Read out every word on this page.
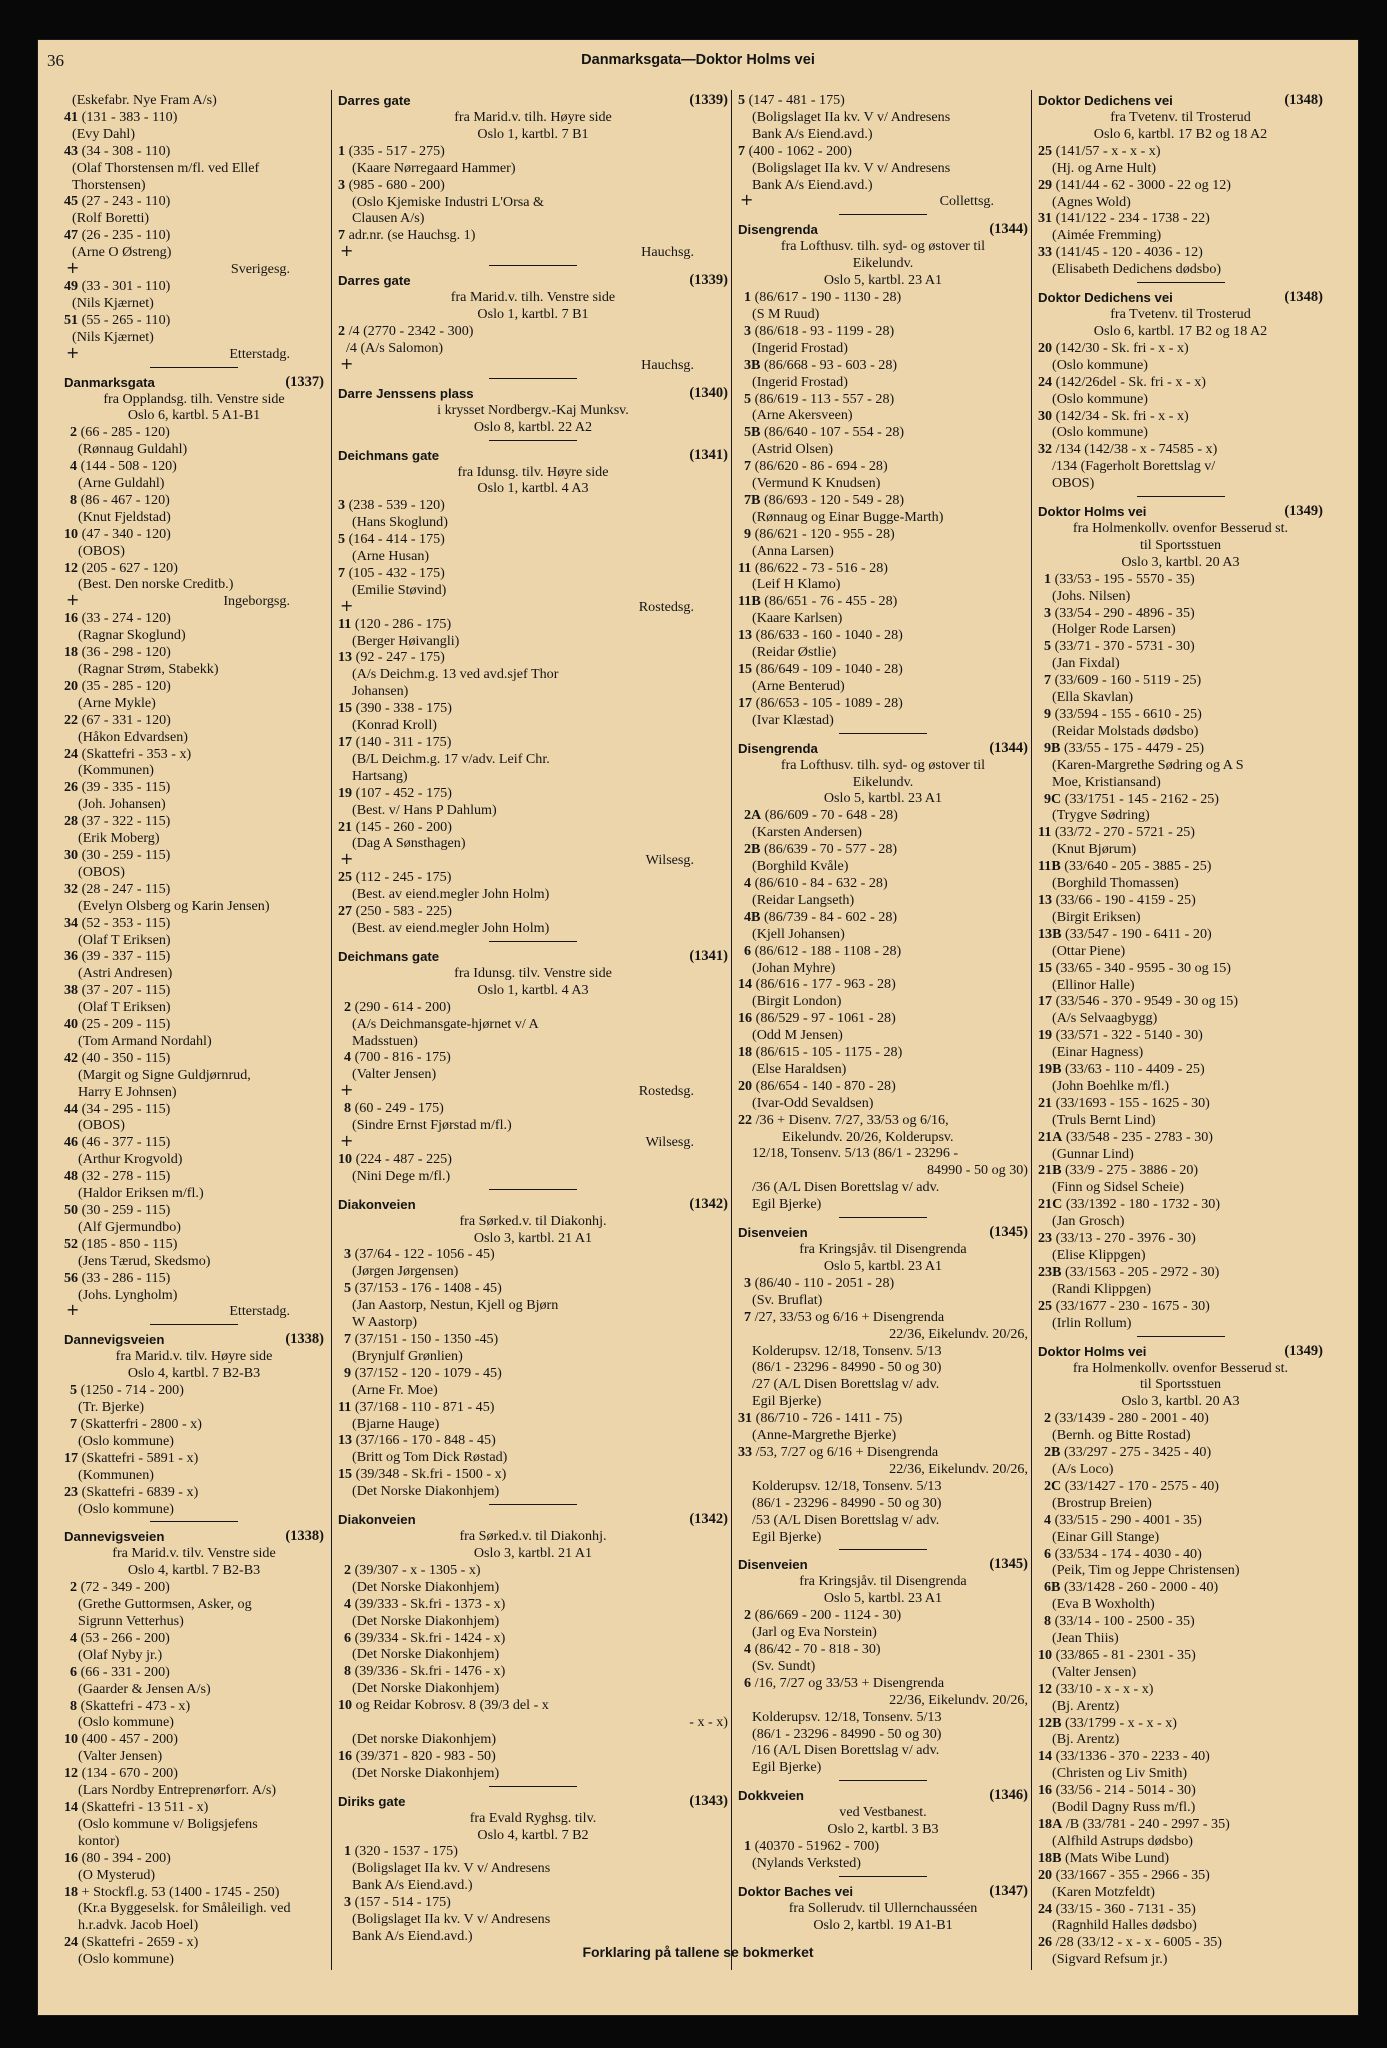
36	Danmarksgata—Doktor Holms vei
(Eskefabr. Nye Fram A/s)
41 (131 - 383 - 110)
(Evy Dahl)
43 (34 - 308 - 110)
(Olaf Thorstensen m/fl. ved Ellef
Thorstensen)
45 (27 - 243 - 110)
(Rolf Boretti)
47 (26 - 235 - 110)
(Arne O Østreng)
+	Sverigesg.
49 (33 - 301 - 110)
(Nils Kjærnet)
51 (55 - 265 - 110)
(Nils Kjærnet)
+	Etterstadg.
Danmarksgata	(1337)
fra Opplandsg. tilh. Venstre side
Oslo 6, kartbl. 5 A1-B1
2 (66 - 285 - 120)
(Rønnaug Guldahl)
4 (144 - 508 - 120)
(Arne Guldahl)
8 (86 - 467 - 120)
(Knut Fjeldstad)
10 (47 - 340 - 120)
(OBOS)
12 (205 - 627 - 120)
(Best. Den norske Creditb.)
+	Ingeborgsg.
16 (33 - 274 - 120)
(Ragnar Skoglund)
18 (36 - 298 - 120)
(Ragnar Strøm, Stabekk)
20 (35 - 285 - 120)
(Arne Mykle)
22 (67 - 331 - 120)
(Håkon Edvardsen)
24 (Skattefri - 353 - x)
(Kommunen)
26 (39 - 335 - 115)
(Joh. Johansen)
28 (37 - 322 - 115)
(Erik Moberg)
30 (30 - 259 - 115)
(OBOS)
32 (28 - 247 - 115)
(Evelyn Olsberg og Karin Jensen)
34 (52 - 353 - 115)
(Olaf T Eriksen)
36 (39 - 337 - 115)
(Astri Andresen)
38 (37 - 207 - 115)
(Olaf T Eriksen)
40 (25 - 209 - 115)
(Tom Armand Nordahl)
42 (40 - 350 - 115)
(Margit og Signe Guldjørnrud,
Harry E Johnsen)
44 (34 - 295 - 115)
(OBOS)
46 (46 - 377 - 115)
(Arthur Krogvold)
48 (32 - 278 - 115)
(Haldor Eriksen m/fl.)
50 (30 - 259 - 115)
(Alf Gjermundbo)
52 (185 - 850 - 115)
(Jens Tærud, Skedsmo)
56 (33 - 286 - 115)
(Johs. Lyngholm)
+	Etterstadg.
Dannevigsveien	(1338)
fra Marid.v. tilv. Høyre side
Oslo 4, kartbl. 7 B2-B3
5 (1250 - 714 - 200)
(Tr. Bjerke)
7 (Skatterfri - 2800 - x)
(Oslo kommune)
17 (Skattefri - 5891 - x)
(Kommunen)
23 (Skattefri - 6839 - x)
(Oslo kommune)
Dannevigsveien	(1338)
fra Marid.v. tilv. Venstre side
Oslo 4, kartbl. 7 B2-B3
2 (72 - 349 - 200)
(Grethe Guttormsen, Asker, og
Sigrunn Vetterhus)
4 (53 - 266 - 200)
(Olaf Nyby jr.)
6 (66 - 331 - 200)
(Gaarder & Jensen A/s)
8 (Skattefri - 473 - x)
(Oslo kommune)
10 (400 - 457 - 200)
(Valter Jensen)
12 (134 - 670 - 200)
(Lars Nordby Entreprenørforr. A/s)
14 (Skattefri - 13 511 - x)
(Oslo kommune v/ Boligsjefens
kontor)
16 (80 - 394 - 200)
(O Mysterud)
18 + Stockfl.g. 53 (1400 - 1745 - 250)
(Kr.a Byggeselsk. for Småleiligh. ved
h.r.advk. Jacob Hoel)
24 (Skattefri - 2659 - x)
(Oslo kommune)
Darres gate	(1339)
fra Marid.v. tilh. Høyre side
Oslo 1, kartbl. 7 B1
1 (335 - 517 - 275)
(Kaare Nørregaard Hammer)
3 (985 - 680 - 200)
(Oslo Kjemiske Industri L'Orsa &
Clausen A/s)
7 adr.nr. (se Hauchsg. 1)
+	Hauchsg.
Darres gate	(1339)
fra Marid.v. tilh. Venstre side
Oslo 1, kartbl. 7 B1
2 /4 (2770 - 2342 - 300)
/4 (A/s Salomon)
+	Hauchsg.
Darre Jenssens plass	(1340)
i krysset Nordbergv.-Kaj Munksv.
Oslo 8, kartbl. 22 A2
Deichmans gate	(1341)
fra Idunsg. tilv. Høyre side
Oslo 1, kartbl. 4 A3
3 (238 - 539 - 120)
(Hans Skoglund)
5 (164 - 414 - 175)
(Arne Husan)
7 (105 - 432 - 175)
(Emilie Støvind)
+	Rostedsg.
11 (120 - 286 - 175)
(Berger Høivangli)
13 (92 - 247 - 175)
(A/s Deichm.g. 13 ved avd.sjef Thor
Johansen)
15 (390 - 338 - 175)
(Konrad Kroll)
17 (140 - 311 - 175)
(B/L Deichm.g. 17 v/adv. Leif Chr.
Hartsang)
19 (107 - 452 - 175)
(Best. v/ Hans P Dahlum)
21 (145 - 260 - 200)
(Dag A Sønsthagen)
+	Wilsesg.
25 (112 - 245 - 175)
(Best. av eiend.megler John Holm)
27 (250 - 583 - 225)
(Best. av eiend.megler John Holm)
Deichmans gate	(1341)
fra Idunsg. tilv. Venstre side
Oslo 1, kartbl. 4 A3
2 (290 - 614 - 200)
(A/s Deichmansgate-hjørnet v/ A
Madsstuen)
4 (700 - 816 - 175)
(Valter Jensen)
+	Rostedsg.
8 (60 - 249 - 175)
(Sindre Ernst Fjørstad m/fl.)
+	Wilsesg.
10 (224 - 487 - 225)
(Nini Dege m/fl.)
Diakonveien	(1342)
fra Sørked.v. til Diakonhj.
Oslo 3, kartbl. 21 A1
3 (37/64 - 122 - 1056 - 45)
(Jørgen Jørgensen)
5 (37/153 - 176 - 1408 - 45)
(Jan Aastorp, Nestun, Kjell og Bjørn
W Aastorp)
7 (37/151 - 150 - 1350 -45)
(Brynjulf Grønlien)
9 (37/152 - 120 - 1079 - 45)
(Arne Fr. Moe)
11 (37/168 - 110 - 871 - 45)
(Bjarne Hauge)
13 (37/166 - 170 - 848 - 45)
(Britt og Tom Dick Røstad)
15 (39/348 - Sk.fri - 1500 - x)
(Det Norske Diakonhjem)
Diakonveien	(1342)
fra Sørked.v. til Diakonhj.
Oslo 3, kartbl. 21 A1
2 (39/307 - x - 1305 - x)
(Det Norske Diakonhjem)
4 (39/333 - Sk.fri - 1373 - x)
(Det Norske Diakonhjem)
6 (39/334 - Sk.fri - 1424 - x)
(Det Norske Diakonhjem)
8 (39/336 - Sk.fri - 1476 - x)
(Det Norske Diakonhjem)
10 og Reidar Kobrosv. 8 (39/3 del - x
- x - x)
(Det norske Diakonhjem)
16 (39/371 - 820 - 983 - 50)
(Det Norske Diakonhjem)
Diriks gate	(1343)
fra Evald Ryghsg. tilv.
Oslo 4, kartbl. 7 B2
1 (320 - 1537 - 175)
(Boligslaget IIa kv. V v/ Andresens
Bank A/s Eiend.avd.)
3 (157 - 514 - 175)
(Boligslaget IIa kv. V v/ Andresens
Bank A/s Eiend.avd.)
5 (147 - 481 - 175)
(Boligslaget IIa kv. V v/ Andresens
Bank A/s Eiend.avd.)
7 (400 - 1062 - 200)
(Boligslaget IIa kv. V v/ Andresens
Bank A/s Eiend.avd.)
+	Collettsg.
Disengrenda	(1344)
fra Lofthusv. tilh. syd- og østover til
Eikelundv.
Oslo 5, kartbl. 23 A1
1 (86/617 - 190 - 1130 - 28)
(S M Ruud)
3 (86/618 - 93 - 1199 - 28)
(Ingerid Frostad)
3B (86/668 - 93 - 603 - 28)
(Ingerid Frostad)
5 (86/619 - 113 - 557 - 28)
(Arne Akersveen)
5B (86/640 - 107 - 554 - 28)
(Astrid Olsen)
7 (86/620 - 86 - 694 - 28)
(Vermund K Knudsen)
7B (86/693 - 120 - 549 - 28)
(Rønnaug og Einar Bugge-Marth)
9 (86/621 - 120 - 955 - 28)
(Anna Larsen)
11 (86/622 - 73 - 516 - 28)
(Leif H Klamo)
11B (86/651 - 76 - 455 - 28)
(Kaare Karlsen)
13 (86/633 - 160 - 1040 - 28)
(Reidar Østlie)
15 (86/649 - 109 - 1040 - 28)
(Arne Benterud)
17 (86/653 - 105 - 1089 - 28)
(Ivar Klæstad)
Disengrenda	(1344)
fra Lofthusv. tilh. syd- og østover til
Eikelundv.
Oslo 5, kartbl. 23 A1
2A (86/609 - 70 - 648 - 28)
(Karsten Andersen)
2B (86/639 - 70 - 577 - 28)
(Borghild Kvåle)
4 (86/610 - 84 - 632 - 28)
(Reidar Langseth)
4B (86/739 - 84 - 602 - 28)
(Kjell Johansen)
6 (86/612 - 188 - 1108 - 28)
(Johan Myhre)
14 (86/616 - 177 - 963 - 28)
(Birgit London)
16 (86/529 - 97 - 1061 - 28)
(Odd M Jensen)
18 (86/615 - 105 - 1175 - 28)
(Else Haraldsen)
20 (86/654 - 140 - 870 - 28)
(Ivar-Odd Sevaldsen)
22 /36 + Disenv. 7/27, 33/53 og 6/16,
Eikelundv. 20/26, Kolderupsv.
12/18, Tonsenv. 5/13 (86/1 - 23296 -
84990 - 50 og 30)
/36 (A/L Disen Borettslag v/ adv.
Egil Bjerke)
Disenveien	(1345)
fra Kringsjåv. til Disengrenda
Oslo 5, kartbl. 23 A1
3 (86/40 - 110 - 2051 - 28)
(Sv. Bruflat)
7 /27, 33/53 og 6/16 + Disengrenda
22/36, Eikelundv. 20/26,
Kolderupsv. 12/18, Tonsenv. 5/13
(86/1 - 23296 - 84990 - 50 og 30)
/27 (A/L Disen Borettslag v/ adv.
Egil Bjerke)
31 (86/710 - 726 - 1411 - 75)
(Anne-Margrethe Bjerke)
33 /53, 7/27 og 6/16 + Disengrenda
22/36, Eikelundv. 20/26,
Kolderupsv. 12/18, Tonsenv. 5/13
(86/1 - 23296 - 84990 - 50 og 30)
/53 (A/L Disen Borettslag v/ adv.
Egil Bjerke)
Disenveien	(1345)
fra Kringsjåv. til Disengrenda
Oslo 5, kartbl. 23 A1
2 (86/669 - 200 - 1124 - 30)
(Jarl og Eva Norstein)
4 (86/42 - 70 - 818 - 30)
(Sv. Sundt)
6 /16, 7/27 og 33/53 + Disengrenda
22/36, Eikelundv. 20/26,
Kolderupsv. 12/18, Tonsenv. 5/13
(86/1 - 23296 - 84990 - 50 og 30)
/16 (A/L Disen Borettslag v/ adv.
Egil Bjerke)
Dokkveien	(1346)
ved Vestbanest.
Oslo 2, kartbl. 3 B3
1 (40370 - 51962 - 700)
(Nylands Verksted)
Doktor Baches vei	(1347)
fra Sollerudv. til Ullernchausséen
Oslo 2, kartbl. 19 A1-B1
Doktor Dedichens vei	(1348)
fra Tvetenv. til Trosterud
Oslo 6, kartbl. 17 B2 og 18 A2
25 (141/57 - x - x - x)
(Hj. og Arne Hult)
29 (141/44 - 62 - 3000 - 22 og 12)
(Agnes Wold)
31 (141/122 - 234 - 1738 - 22)
(Aimée Fremming)
33 (141/45 - 120 - 4036 - 12)
(Elisabeth Dedichens dødsbo)
Doktor Dedichens vei	(1348)
fra Tvetenv. til Trosterud
Oslo 6, kartbl. 17 B2 og 18 A2
20 (142/30 - Sk. fri - x - x)
(Oslo kommune)
24 (142/26del - Sk. fri - x - x)
(Oslo kommune)
30 (142/34 - Sk. fri - x - x)
(Oslo kommune)
32 /134 (142/38 - x - 74585 - x)
/134 (Fagerholt Borettslag v/
OBOS)
Doktor Holms vei	(1349)
fra Holmenkollv. ovenfor Besserud st.
til Sportsstuen
Oslo 3, kartbl. 20 A3
1 (33/53 - 195 - 5570 - 35)
(Johs. Nilsen)
3 (33/54 - 290 - 4896 - 35)
(Holger Rode Larsen)
5 (33/71 - 370 - 5731 - 30)
(Jan Fixdal)
7 (33/609 - 160 - 5119 - 25)
(Ella Skavlan)
9 (33/594 - 155 - 6610 - 25)
(Reidar Molstads dødsbo)
9B (33/55 - 175 - 4479 - 25)
(Karen-Margrethe Sødring og A S
Moe, Kristiansand)
9C (33/1751 - 145 - 2162 - 25)
(Trygve Sødring)
11 (33/72 - 270 - 5721 - 25)
(Knut Bjørum)
11B (33/640 - 205 - 3885 - 25)
(Borghild Thomassen)
13 (33/66 - 190 - 4159 - 25)
(Birgit Eriksen)
13B (33/547 - 190 - 6411 - 20)
(Ottar Piene)
15 (33/65 - 340 - 9595 - 30 og 15)
(Ellinor Halle)
17 (33/546 - 370 - 9549 - 30 og 15)
(A/s Selvaagbygg)
19 (33/571 - 322 - 5140 - 30)
(Einar Hagness)
19B (33/63 - 110 - 4409 - 25)
(John Boehlke m/fl.)
21 (33/1693 - 155 - 1625 - 30)
(Truls Bernt Lind)
21A (33/548 - 235 - 2783 - 30)
(Gunnar Lind)
21B (33/9 - 275 - 3886 - 20)
(Finn og Sidsel Scheie)
21C (33/1392 - 180 - 1732 - 30)
(Jan Grosch)
23 (33/13 - 270 - 3976 - 30)
(Elise Klippgen)
23B (33/1563 - 205 - 2972 - 30)
(Randi Klippgen)
25 (33/1677 - 230 - 1675 - 30)
(Irlin Rollum)
Doktor Holms vei	(1349)
fra Holmenkollv. ovenfor Besserud st.
til Sportsstuen
Oslo 3, kartbl. 20 A3
2 (33/1439 - 280 - 2001 - 40)
(Bernh. og Bitte Rostad)
2B (33/297 - 275 - 3425 - 40)
(A/s Loco)
2C (33/1427 - 170 - 2575 - 40)
(Brostrup Breien)
4 (33/515 - 290 - 4001 - 35)
(Einar Gill Stange)
6 (33/534 - 174 - 4030 - 40)
(Peik, Tim og Jeppe Christensen)
6B (33/1428 - 260 - 2000 - 40)
(Eva B Woxholth)
8 (33/14 - 100 - 2500 - 35)
(Jean Thiis)
10 (33/865 - 81 - 2301 - 35)
(Valter Jensen)
12 (33/10 - x - x - x)
(Bj. Arentz)
12B (33/1799 - x - x - x)
(Bj. Arentz)
14 (33/1336 - 370 - 2233 - 40)
(Christen og Liv Smith)
16 (33/56 - 214 - 5014 - 30)
(Bodil Dagny Russ m/fl.)
18A /B (33/781 - 240 - 2997 - 35)
(Alfhild Astrups dødsbo)
18B (Mats Wibe Lund)
20 (33/1667 - 355 - 2966 - 35)
(Karen Motzfeldt)
24 (33/15 - 360 - 7131 - 35)
(Ragnhild Halles dødsbo)
26 /28 (33/12 - x - x - 6005 - 35)
(Sigvard Refsum jr.)
Forklaring på tallene se bokmerket
